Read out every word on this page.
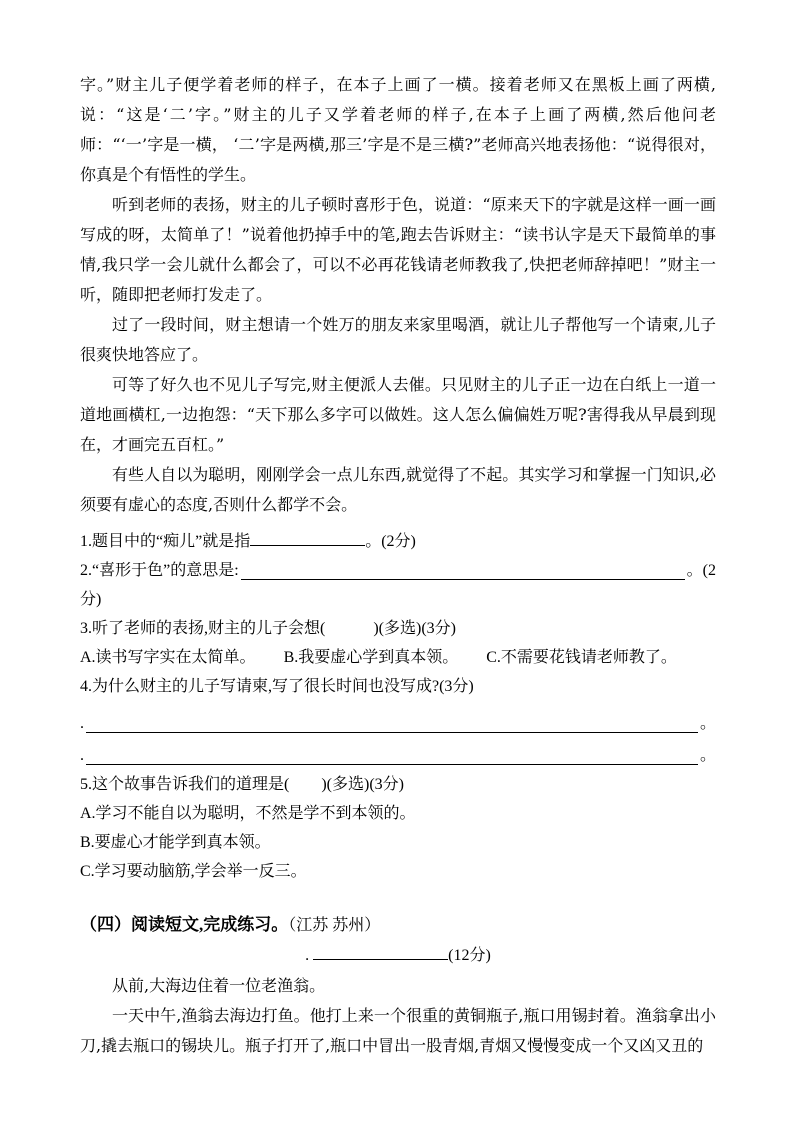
字。”财主儿子便学着老师的样子，在本子上画了一横。接着老师又在黑板上画了两横,说：“这是‘二’字。”财主的儿子又学着老师的样子,在本子上画了两横,然后他问老师：“‘一’字是一横， ‘二’字是两横,那三’字是不是三横?”老师高兴地表扬他：“说得很对，你真是个有悟性的学生。

听到老师的表扬，财主的儿子顿时喜形于色，说道：“原来天下的字就是这样一画一画写成的呀，太简单了！”说着他扔掉手中的笔,跑去告诉财主：“读书认字是天下最简单的事情,我只学一会儿就什么都会了，可以不必再花钱请老师教我了,快把老师辞掉吧！”财主一听，随即把老师打发走了。

过了一段时间，财主想请一个姓万的朋友来家里喝酒，就让儿子帮他写一个请柬,儿子很爽快地答应了。

可等了好久也不见儿子写完,财主便派人去催。只见财主的儿子正一边在白纸上一道一道地画横杠,一边抱怨：“天下那么多字可以做姓。这人怎么偏偏姓万呢?害得我从早晨到现在，才画完五百杠。”

有些人自以为聪明，刚刚学会一点儿东西,就觉得了不起。其实学习和掌握一门知识,必须要有虚心的态度,否则什么都学不会。

1.题目中的“痴儿”就是指	。(2分)

2.“喜形于色”的意思是:	。(2

分)

3.听了老师的表扬,财主的儿子会想(　　　)(多选)(3分)

A.读书写字实在太简单。 B.我要虚心学到真本领。 C.不需要花钱请老师教了。

4.为什么财主的儿子写请柬,写了很长时间也没写成?(3分)

.	。
.	。

5.这个故事告诉我们的道理是(　　)(多选)(3分)

A.学习不能自以为聪明，不然是学不到本领的。

B.要虚心才能学到真本领。

C.学习要动脑筋,学会举一反三。

（四）阅读短文,完成练习。（江苏 苏州）
.	(12分)

从前,大海边住着一位老渔翁。

一天中午,渔翁去海边打鱼。他打上来一个很重的黄铜瓶子,瓶口用锡封着。渔翁拿出小刀,撬去瓶口的锡块儿。瓶子打开了,瓶口中冒出一股青烟,青烟又慢慢变成一个又凶又丑的
